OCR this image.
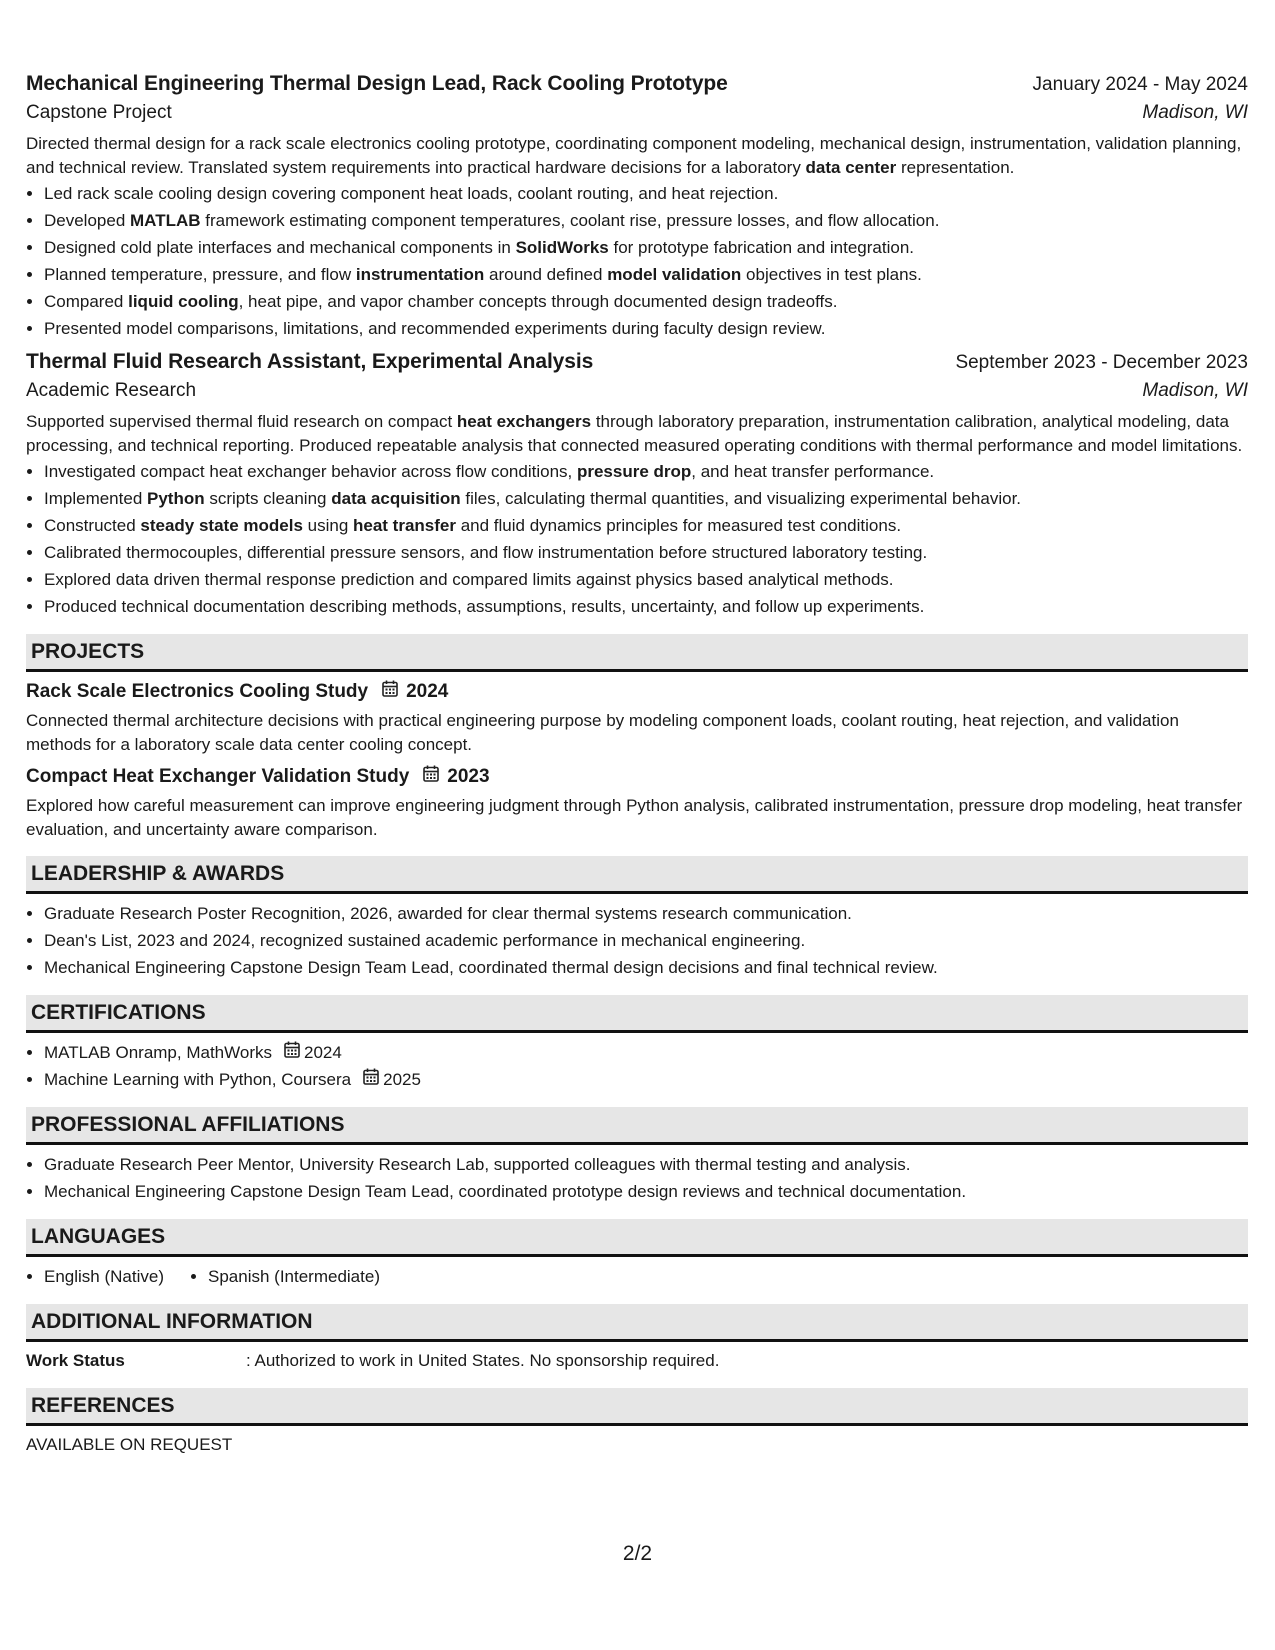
Mechanical Engineering Thermal Design Lead, Rack Cooling Prototype	January 2024 - May 2024
Capstone Project	Madison, WI
Directed thermal design for a rack scale electronics cooling prototype, coordinating component modeling, mechanical design, instrumentation, validation planning, and technical review. Translated system requirements into practical hardware decisions for a laboratory data center representation.
• Led rack scale cooling design covering component heat loads, coolant routing, and heat rejection.
• Developed MATLAB framework estimating component temperatures, coolant rise, pressure losses, and flow allocation.
• Designed cold plate interfaces and mechanical components in SolidWorks for prototype fabrication and integration.
• Planned temperature, pressure, and flow instrumentation around defined model validation objectives in test plans.
• Compared liquid cooling, heat pipe, and vapor chamber concepts through documented design tradeoffs.
• Presented model comparisons, limitations, and recommended experiments during faculty design review.
Thermal Fluid Research Assistant, Experimental Analysis	September 2023 - December 2023
Academic Research	Madison, WI
Supported supervised thermal fluid research on compact heat exchangers through laboratory preparation, instrumentation calibration, analytical modeling, data processing, and technical reporting. Produced repeatable analysis that connected measured operating conditions with thermal performance and model limitations.
• Investigated compact heat exchanger behavior across flow conditions, pressure drop, and heat transfer performance.
• Implemented Python scripts cleaning data acquisition files, calculating thermal quantities, and visualizing experimental behavior.
• Constructed steady state models using heat transfer and fluid dynamics principles for measured test conditions.
• Calibrated thermocouples, differential pressure sensors, and flow instrumentation before structured laboratory testing.
• Explored data driven thermal response prediction and compared limits against physics based analytical methods.
• Produced technical documentation describing methods, assumptions, results, uncertainty, and follow up experiments.
PROJECTS
Rack Scale Electronics Cooling Study 2024
Connected thermal architecture decisions with practical engineering purpose by modeling component loads, coolant routing, heat rejection, and validation methods for a laboratory scale data center cooling concept.
Compact Heat Exchanger Validation Study 2023
Explored how careful measurement can improve engineering judgment through Python analysis, calibrated instrumentation, pressure drop modeling, heat transfer evaluation, and uncertainty aware comparison.
LEADERSHIP & AWARDS
• Graduate Research Poster Recognition, 2026, awarded for clear thermal systems research communication.
• Dean's List, 2023 and 2024, recognized sustained academic performance in mechanical engineering.
• Mechanical Engineering Capstone Design Team Lead, coordinated thermal design decisions and final technical review.
CERTIFICATIONS
• MATLAB Onramp, MathWorks 2024
• Machine Learning with Python, Coursera 2025
PROFESSIONAL AFFILIATIONS
• Graduate Research Peer Mentor, University Research Lab, supported colleagues with thermal testing and analysis.
• Mechanical Engineering Capstone Design Team Lead, coordinated prototype design reviews and technical documentation.
LANGUAGES
• English (Native)
•	Spanish (Intermediate)
ADDITIONAL INFORMATION
Work Status	: Authorized to work in United States. No sponsorship required.
REFERENCES
AVAILABLE ON REQUEST
2/2
